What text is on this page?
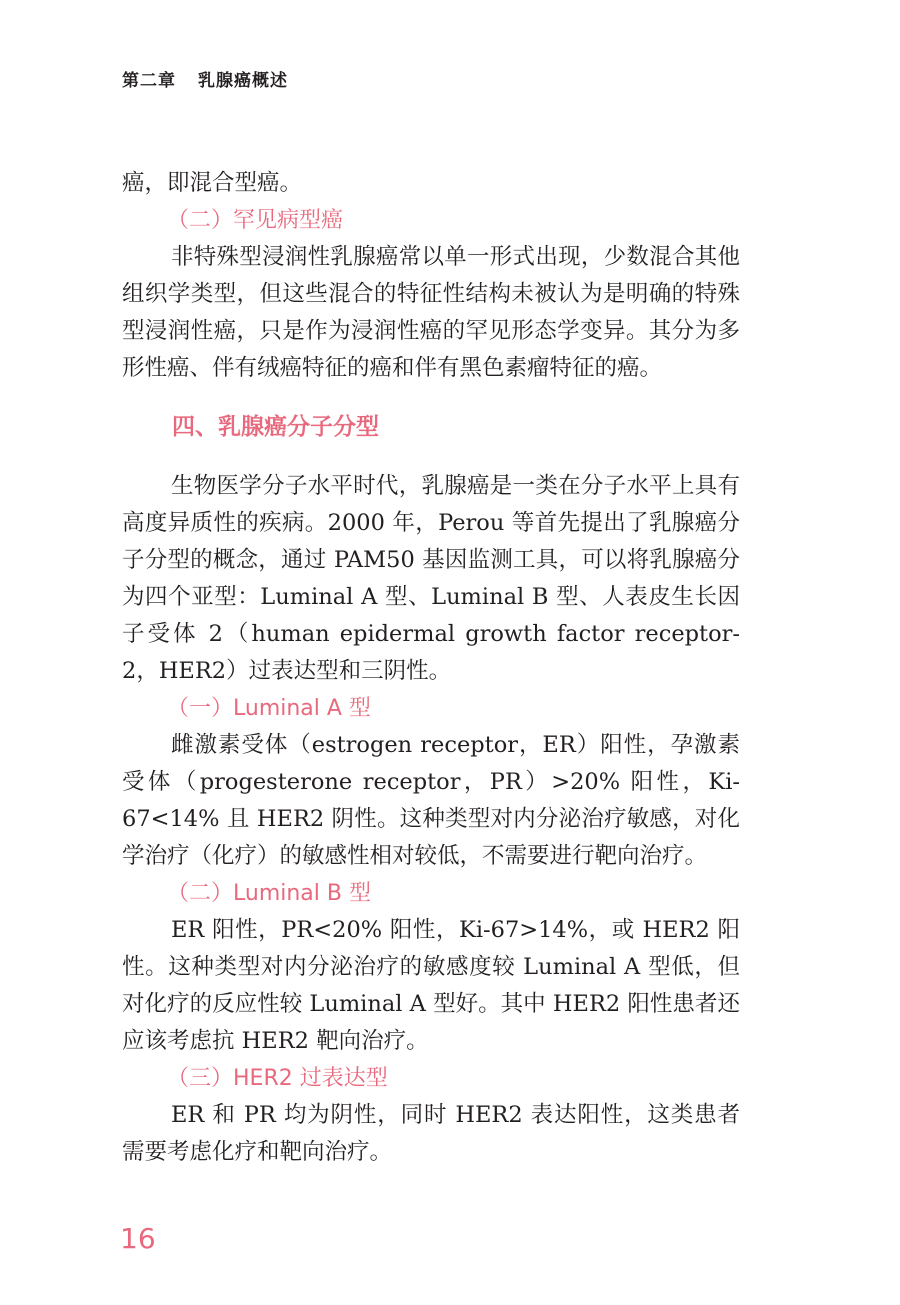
第二章 乳腺癌概述

癌，即混合型癌。

（二）罕见病型癌

非特殊型浸润性乳腺癌常以单一形式出现，少数混合其他组织学类型，但这些混合的特征性结构未被认为是明确的特殊型浸润性癌，只是作为浸润性癌的罕见形态学变异。其分为多形性癌、伴有绒癌特征的癌和伴有黑色素瘤特征的癌。

四、乳腺癌分子分型

生物医学分子水平时代，乳腺癌是一类在分子水平上具有高度异质性的疾病。2000 年，Perou 等首先提出了乳腺癌分子分型的概念，通过 PAM50 基因监测工具，可以将乳腺癌分为四个亚型：Luminal A 型、Luminal B 型、人表皮生长因子受体 2（human epidermal growth factor receptor-2，HER2）过表达型和三阴性。

（一）Luminal A 型

雌激素受体（estrogen receptor，ER）阳性，孕激素受体（progesterone receptor，PR）>20% 阳性，Ki-67<14% 且 HER2 阴性。这种类型对内分泌治疗敏感，对化学治疗（化疗）的敏感性相对较低，不需要进行靶向治疗。

（二）Luminal B 型

ER 阳性，PR<20% 阳性，Ki-67>14%，或 HER2 阳性。这种类型对内分泌治疗的敏感度较 Luminal A 型低，但对化疗的反应性较 Luminal A 型好。其中 HER2 阳性患者还应该考虑抗 HER2 靶向治疗。

（三）HER2 过表达型

ER 和 PR 均为阴性，同时 HER2 表达阳性，这类患者需要考虑化疗和靶向治疗。

16
